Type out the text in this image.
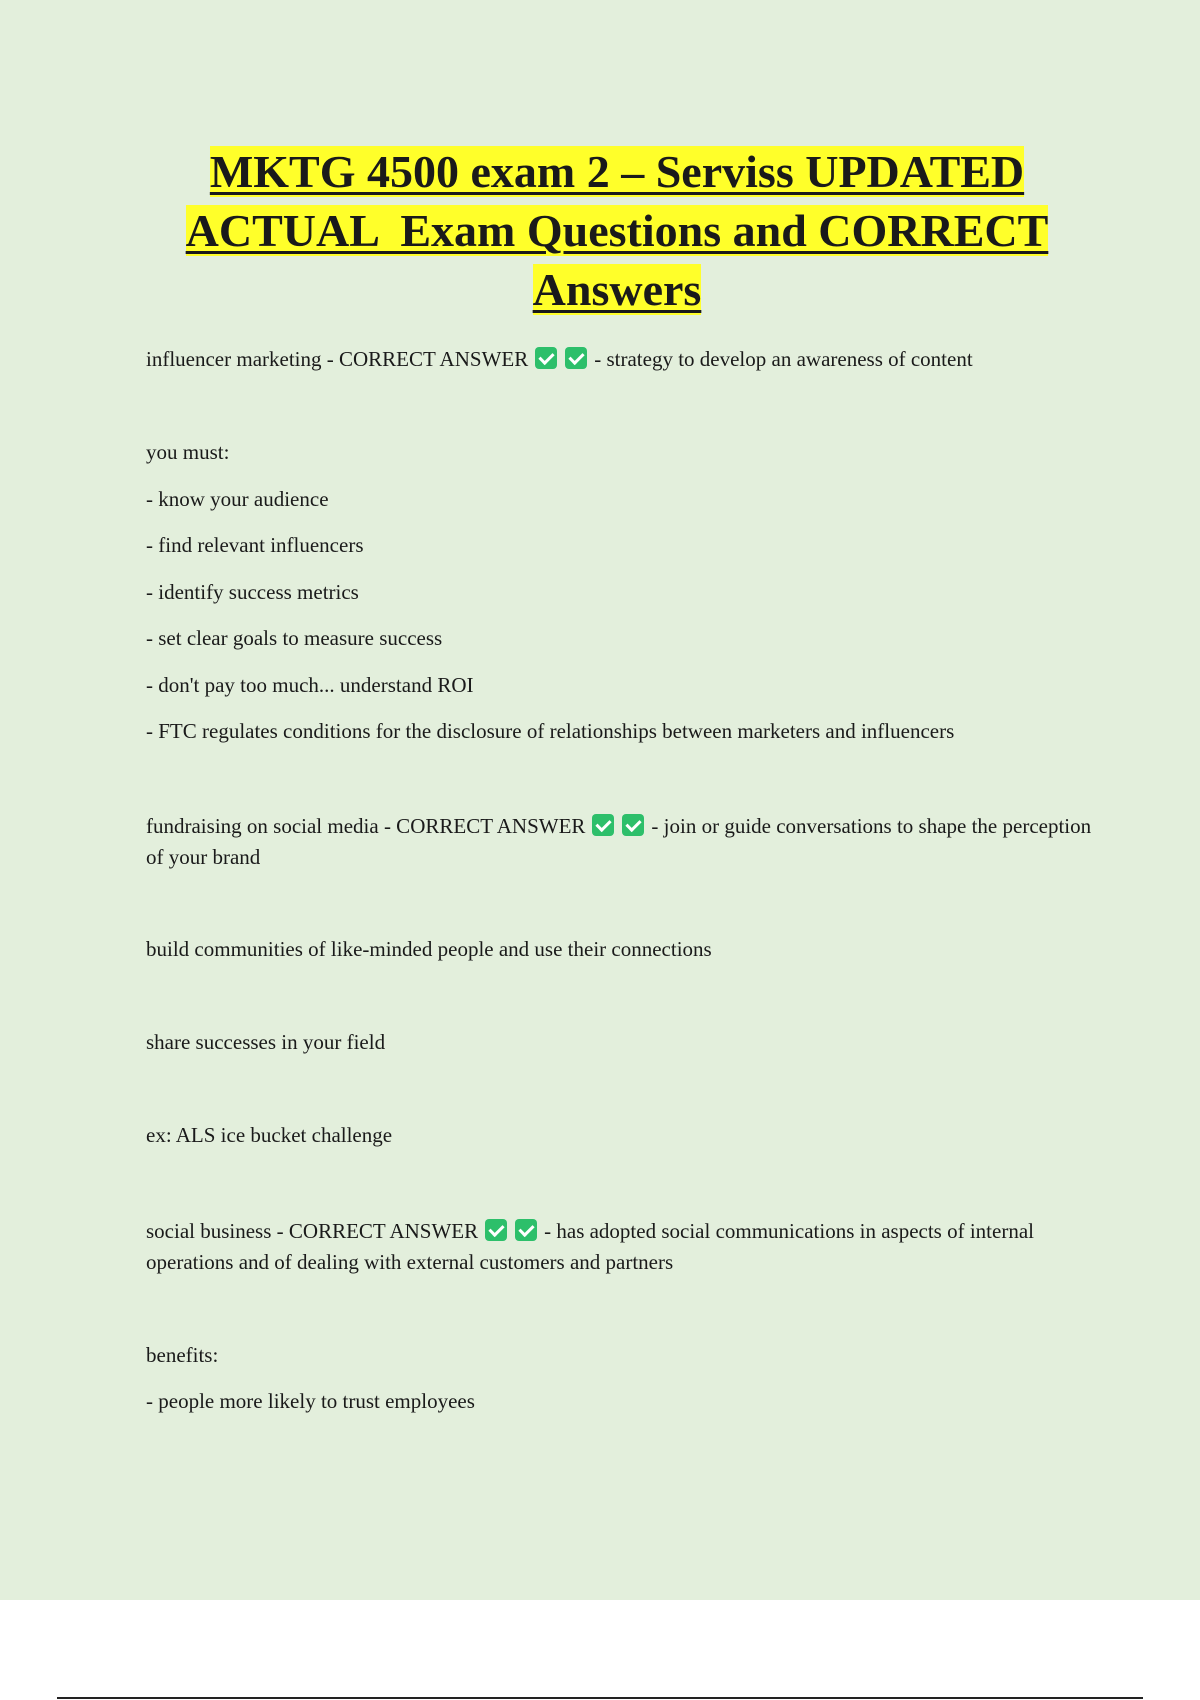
MKTG 4500 exam 2 – Serviss UPDATED
ACTUAL  Exam Questions and CORRECT
Answers

influencer marketing - CORRECT ANSWER	- strategy to develop an awareness of content

you must:

- know your audience

- find relevant influencers

- identify success metrics

- set clear goals to measure success

- don't pay too much... understand ROI

- FTC regulates conditions for the disclosure of relationships between marketers and influencers

fundraising on social media - CORRECT ANSWER	- join or guide conversations to shape the perception of your brand

build communities of like-minded people and use their connections

share successes in your field

ex: ALS ice bucket challenge

social business - CORRECT ANSWER	- has adopted social communications in aspects of internal operations and of dealing with external customers and partners

benefits:

- people more likely to trust employees
